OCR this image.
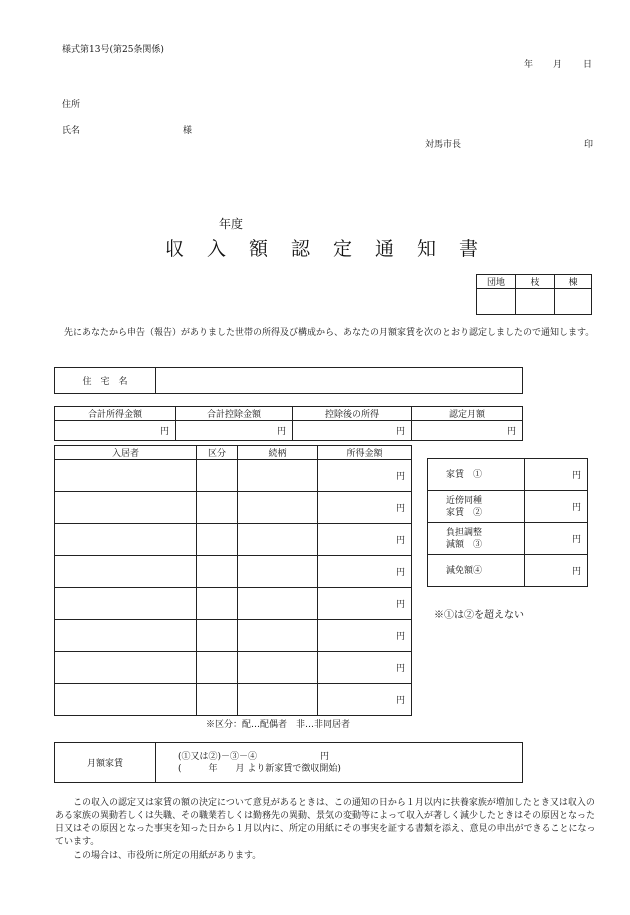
様式第13号(第25条関係)
年 月 日
住所
氏名	様
対馬市長	印
年度
収入額認定通知書
団地	枝	棟

先にあなたから申告（報告）がありました世帯の所得及び構成から、あなたの月額家賃を次のとおり認定しましたので通知します。
住　宅　名	
合計所得金額	合計控除金額	控除後の所得	認定月額
円	円	円	円
入居者	区分	続柄	所得金額
			円
			円
			円
			円
			円
			円
			円
			円
※区分：配…配偶者　非…非同居者
家賃　①	円

近傍同種
家賃　②	円

負担調整
減額　③	円

減免額④	円
※①は②を超えない
月額家賃	
(①又は②)－③－④　　　　　　　円
(　　　年　　月 より新家賃で徴収開始)
この収入の認定又は家賃の額の決定について意見があるときは、この通知の日から１月以内に扶養家族が増加したとき又は収入のある家族の異動若しくは失職、その職業若しくは勤務先の異動、景気の変動等によって収入が著しく減少したときはその原因となった日又はその原因となった事実を知った日から１月以内に、所定の用紙にその事実を証する書類を添え、意見の申出ができることになっています。
この場合は、市役所に所定の用紙があります。
